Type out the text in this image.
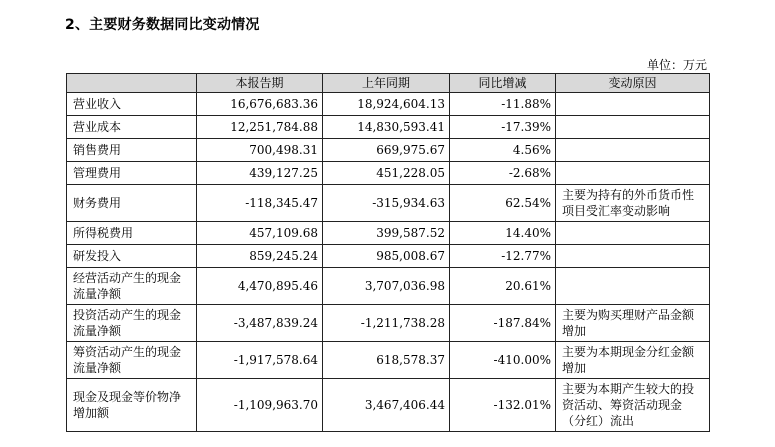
2、主要财务数据同比变动情况
单位：万元
	本报告期	上年同期	同比增减	变动原因
营业收入	16,676,683.36	18,924,604.13	-11.88%	
营业成本	12,251,784.88	14,830,593.41	-17.39%	
销售费用	700,498.31	669,975.67	4.56%	
管理费用	439,127.25	451,228.05	-2.68%	
财务费用	-118,345.47	-315,934.63	62.54%	主要为持有的外币货币性项目受汇率变动影响
所得税费用	457,109.68	399,587.52	14.40%	
研发投入	859,245.24	985,008.67	-12.77%	
经营活动产生的现金流量净额	4,470,895.46	3,707,036.98	20.61%	
投资活动产生的现金流量净额	-3,487,839.24	-1,211,738.28	-187.84%	主要为购买理财产品金额增加
筹资活动产生的现金流量净额	-1,917,578.64	618,578.37	-410.00%	主要为本期现金分红金额增加
现金及现金等价物净增加额	-1,109,963.70	3,467,406.44	-132.01%	主要为本期产生较大的投资活动、筹资活动现金（分红）流出
